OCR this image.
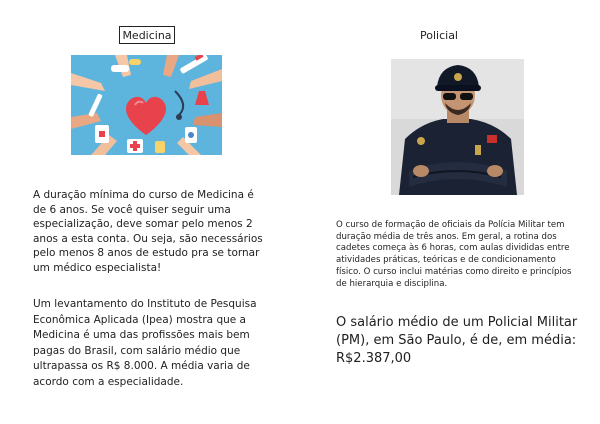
Medicina	Policial
A duração mínima do curso de Medicina é de 6 anos. Se você quiser seguir uma especialização, deve somar pelo menos 2 anos a esta conta. Ou seja, são necessários pelo menos 8 anos de estudo pra se tornar um médico especialista!
Um levantamento do Instituto de Pesquisa Econômica Aplicada (Ipea) mostra que a Medicina é uma das profissões mais bem pagas do Brasil, com salário médio que ultrapassa os R$ 8.000. A média varia de acordo com a especialidade.
O curso de formação de oficiais da Polícia Militar tem duração média de três anos. Em geral, a rotina dos cadetes começa às 6 horas, com aulas divididas entre atividades práticas, teóricas e de condicionamento físico. O curso inclui matérias como direito e princípios de hierarquia e disciplina.
O salário médio de um Policial Militar (PM), em São Paulo, é de, em média: R$2.387,00
